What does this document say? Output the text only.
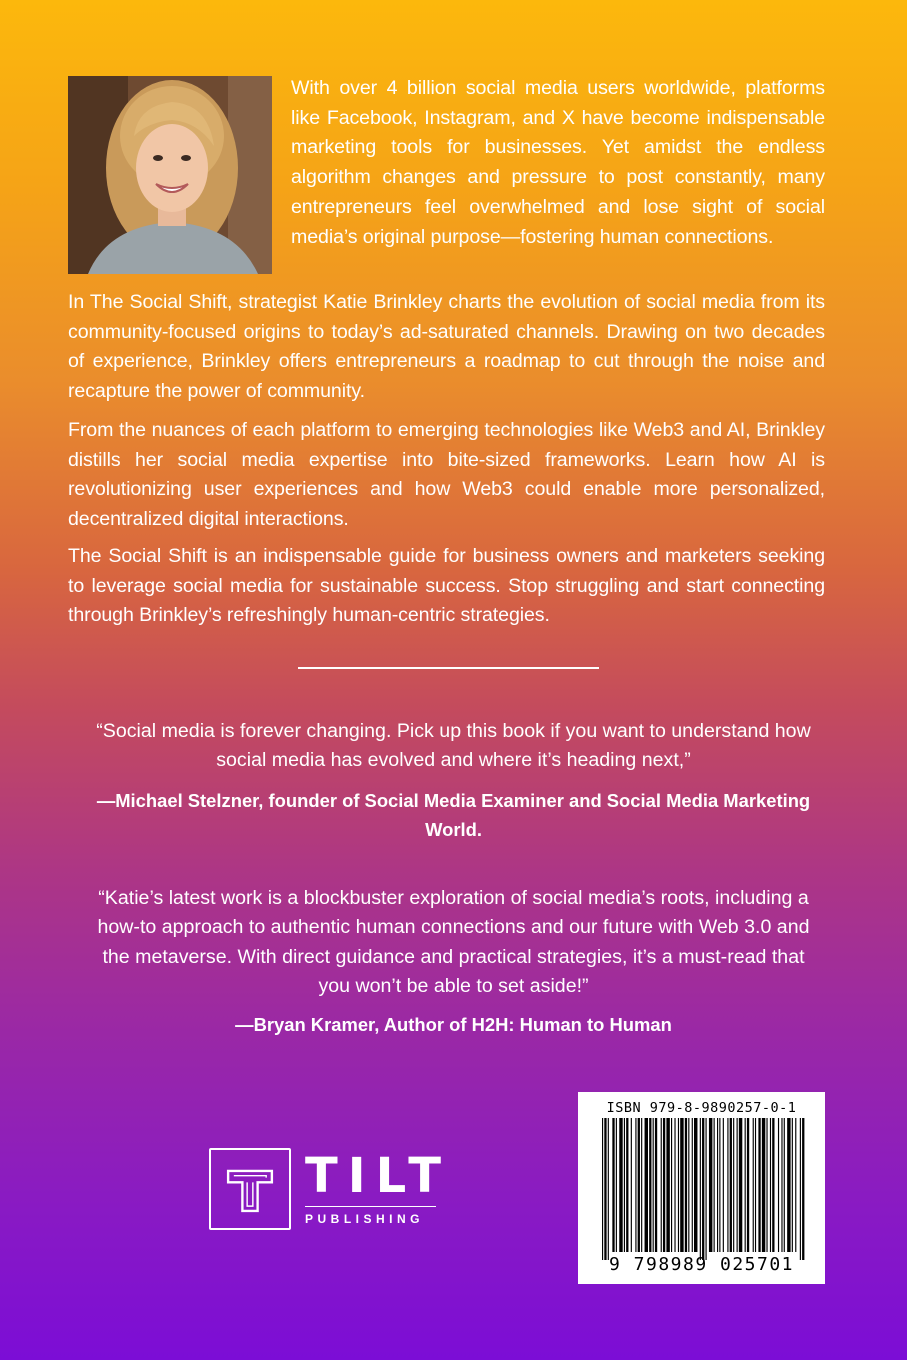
With over 4 billion social media users worldwide, platforms like Facebook, Instagram, and X have become indispensable marketing tools for businesses. Yet amidst the endless algorithm changes and pressure to post constantly, many entrepreneurs feel overwhelmed and lose sight of social media’s original purpose—fostering human connections.

In The Social Shift, strategist Katie Brinkley charts the evolution of social media from its community-focused origins to today’s ad-saturated channels. Drawing on two decades of experience, Brinkley offers entrepreneurs a roadmap to cut through the noise and recapture the power of community.

From the nuances of each platform to emerging technologies like Web3 and AI, Brinkley distills her social media expertise into bite-sized frameworks. Learn how AI is revolutionizing user experiences and how Web3 could enable more personalized, decentralized digital interactions.

The Social Shift is an indispensable guide for business owners and marketers seeking to leverage social media for sustainable success. Stop struggling and start connecting through Brinkley’s refreshingly human-centric strategies.

“Social media is forever changing. Pick up this book if you want to understand how social media has evolved and where it’s heading next,”

—Michael Stelzner, founder of Social Media Examiner and Social Media Marketing World.

“Katie’s latest work is a blockbuster exploration of social media’s roots, including a how-to approach to authentic human connections and our future with Web 3.0 and the metaverse. With direct guidance and practical strategies, it’s a must-read that you won’t be able to set aside!”

—Bryan Kramer, Author of H2H: Human to Human

TILT
PUBLISHING
ISBN 979-8-9890257-0-1
9 798989 025701
